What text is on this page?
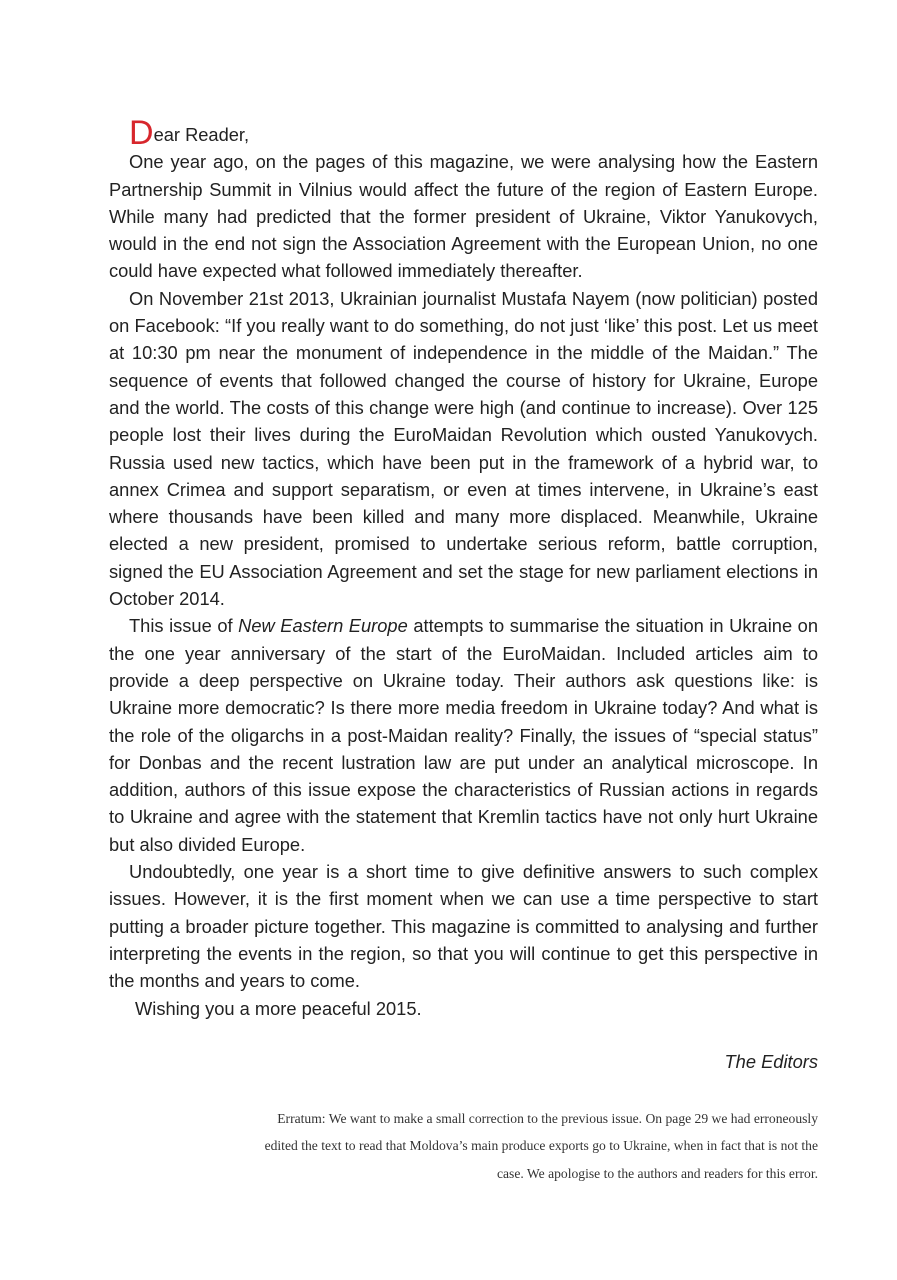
Dear Reader,

One year ago, on the pages of this magazine, we were analysing how the Eastern Partnership Summit in Vilnius would affect the future of the region of Eastern Europe. While many had predicted that the former president of Ukraine, Viktor Yanukovych, would in the end not sign the Association Agreement with the European Union, no one could have expected what followed immediately thereafter.

On November 21st 2013, Ukrainian journalist Mustafa Nayem (now politician) posted on Facebook: “If you really want to do something, do not just ‘like’ this post. Let us meet at 10:30 pm near the monument of independence in the middle of the Maidan.” The sequence of events that followed changed the course of history for Ukraine, Europe and the world. The costs of this change were high (and continue to increase). Over 125 people lost their lives during the EuroMaidan Revolution which ousted Yanukovych. Russia used new tactics, which have been put in the framework of a hybrid war, to annex Crimea and support separatism, or even at times intervene, in Ukraine’s east where thousands have been killed and many more displaced. Meanwhile, Ukraine elected a new president, promised to undertake serious reform, battle corruption, signed the EU Association Agreement and set the stage for new parliament elections in October 2014.

This issue of New Eastern Europe attempts to summarise the situation in Ukraine on the one year anniversary of the start of the EuroMaidan. Included articles aim to provide a deep perspective on Ukraine today. Their authors ask questions like: is Ukraine more democratic? Is there more media freedom in Ukraine today? And what is the role of the oligarchs in a post-Maidan reality? Finally, the issues of “special status” for Donbas and the recent lustration law are put under an analytical microscope. In addition, authors of this issue expose the characteristics of Russian actions in regards to Ukraine and agree with the statement that Kremlin tactics have not only hurt Ukraine but also divided Europe.

Undoubtedly, one year is a short time to give definitive answers to such complex issues. However, it is the first moment when we can use a time perspective to start putting a broader picture together. This magazine is committed to analysing and further interpreting the events in the region, so that you will continue to get this perspective in the months and years to come.

Wishing you a more peaceful 2015.

The Editors

Erratum: We want to make a small correction to the previous issue. On page 29 we had erroneously edited the text to read that Moldova’s main produce exports go to Ukraine, when in fact that is not the case. We apologise to the authors and readers for this error.
